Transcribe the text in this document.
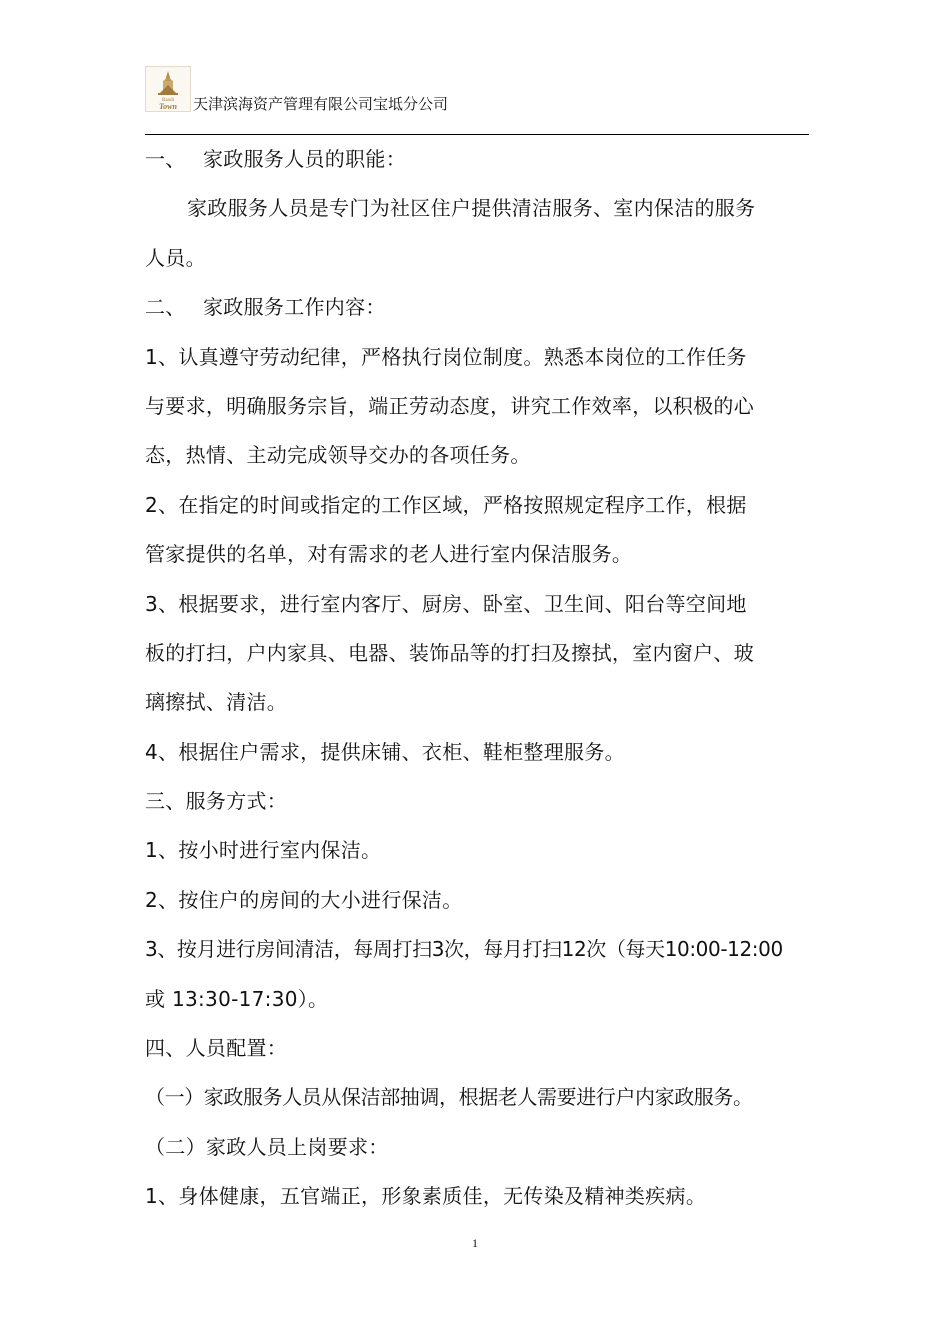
Baodi
Town 天津滨海资产管理有限公司宝坻分公司
一、 家政服务人员的职能：
家政服务人员是专门为社区住户提供清洁服务、室内保洁的服务
人员。
二、 家政服务工作内容：
1、认真遵守劳动纪律，严格执行岗位制度。熟悉本岗位的工作任务
与要求，明确服务宗旨，端正劳动态度，讲究工作效率，以积极的心
态，热情、主动完成领导交办的各项任务。
2、在指定的时间或指定的工作区域，严格按照规定程序工作，根据
管家提供的名单，对有需求的老人进行室内保洁服务。
3、根据要求，进行室内客厅、厨房、卧室、卫生间、阳台等空间地
板的打扫，户内家具、电器、装饰品等的打扫及擦拭，室内窗户、玻
璃擦拭、清洁。
4、根据住户需求，提供床铺、衣柜、鞋柜整理服务。
三、服务方式：
1、按小时进行室内保洁。
2、按住户的房间的大小进行保洁。
3、按月进行房间清洁，每周打扫3次，每月打扫12次（每天10:00-12:00
或 13:30-17:30）。
四、人员配置：
（一）家政服务人员从保洁部抽调，根据老人需要进行户内家政服务。
（二）家政人员上岗要求：
1、身体健康，五官端正，形象素质佳，无传染及精神类疾病。
1
